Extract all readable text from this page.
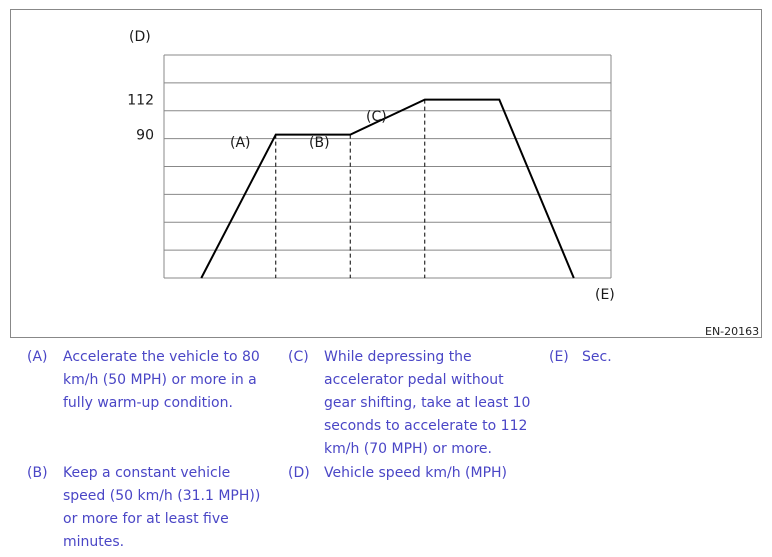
90
112
(D)
(E)
(A)	(B)
(C)
EN-20163
(A) Accelerate the vehicle to 80 km/h (50 MPH) or more in a fully warm-up condition.
(B) Keep a constant vehicle speed (50 km/h (31.1 MPH)) or more for at least five minutes.
(C) While depressing the accelerator pedal without gear shifting, take at least 10 seconds to accelerate to 112 km/h (70 MPH) or more.
(D) Vehicle speed km/h (MPH)
(E) Sec.
